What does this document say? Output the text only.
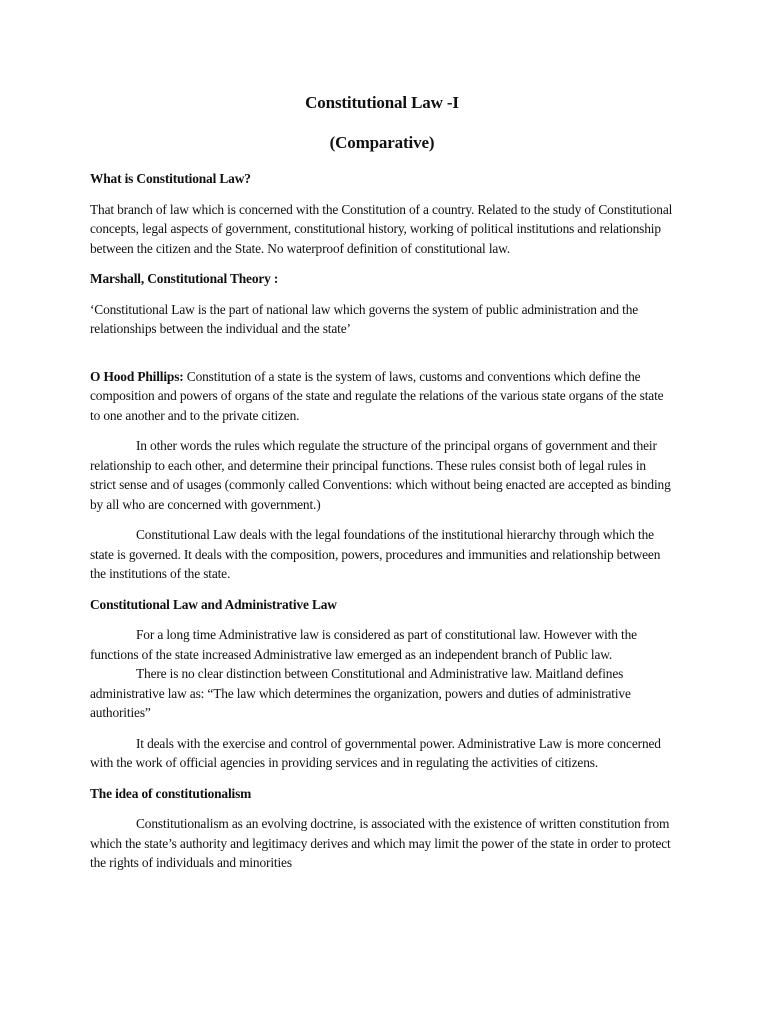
Constitutional Law -I
(Comparative)
What is Constitutional Law?

That branch of law which is concerned with the Constitution of a country. Related to the study of Constitutional concepts, legal aspects of government, constitutional history, working of political institutions and relationship between the citizen and the State. No waterproof definition of constitutional law.

Marshall, Constitutional Theory :

‘Constitutional Law is the part of national law which governs the system of public administration and the relationships between the individual and the state’

O Hood Phillips: Constitution of a state is the system of laws, customs and conventions which define the composition and powers of organs of the state and regulate the relations of the various state organs of the state to one another and to the private citizen.

In other words the rules which regulate the structure of the principal organs of government and their relationship to each other, and determine their principal functions. These rules consist both of legal rules in strict sense and of usages (commonly called Conventions: which without being enacted are accepted as binding by all who are concerned with government.)

Constitutional Law deals with the legal foundations of the institutional hierarchy through which the state is governed. It deals with the composition, powers, procedures and immunities and relationship between the institutions of the state.

Constitutional Law and Administrative Law

For a long time Administrative law is considered as part of constitutional law. However with the functions of the state increased Administrative law emerged as an independent branch of Public law.

There is no clear distinction between Constitutional and Administrative law. Maitland defines administrative law as: “The law which determines the organization, powers and duties of administrative authorities”

It deals with the exercise and control of governmental power. Administrative Law is more concerned with the work of official agencies in providing services and in regulating the activities of citizens.

The idea of constitutionalism

Constitutionalism as an evolving doctrine, is associated with the existence of written constitution from which the state’s authority and legitimacy derives and which may limit the power of the state in order to protect the rights of individuals and minorities
